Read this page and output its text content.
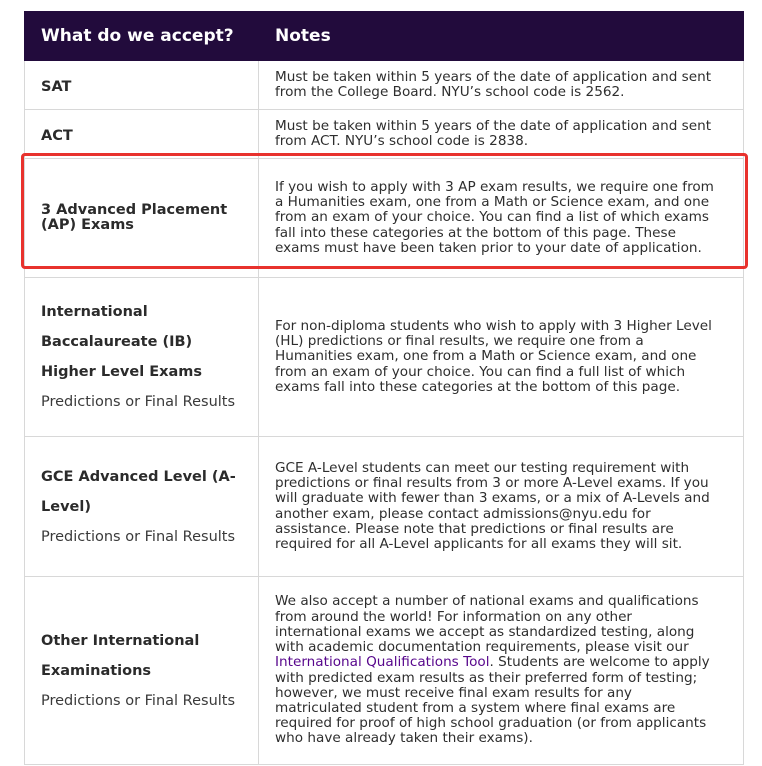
What do we accept?	Notes
SAT	Must be taken within 5 years of the date of application and sent from the College Board. NYU’s school code is 2562.

ACT	Must be taken within 5 years of the date of application and sent from ACT. NYU’s school code is 2838.

3 Advanced Placement (AP) Exams	If you wish to apply with 3 AP exam results, we require one from a Humanities exam, one from a Math or Science exam, and one from an exam of your choice. You can find a list of which exams fall into these categories at the bottom of this page. These exams must have been taken prior to your date of application.

International Baccalaureate (IB) Higher Level Exams
Predictions or Final Results	For non-diploma students who wish to apply with 3 Higher Level (HL) predictions or final results, we require one from a Humanities exam, one from a Math or Science exam, and one from an exam of your choice. You can find a full list of which exams fall into these categories at the bottom of this page.

GCE Advanced Level (A-Level)
Predictions or Final Results	GCE A-Level students can meet our testing requirement with predictions or final results from 3 or more A-Level exams. If you will graduate with fewer than 3 exams, or a mix of A-Levels and another exam, please contact admissions@nyu.edu for assistance. Please note that predictions or final results are required for all A-Level applicants for all exams they will sit.

Other International Examinations
Predictions or Final Results	We also accept a number of national exams and qualifications from around the world! For information on any other international exams we accept as standardized testing, along with academic documentation requirements, please visit our International Qualifications Tool. Students are welcome to apply with predicted exam results as their preferred form of testing; however, we must receive final exam results for any matriculated student from a system where final exams are required for proof of high school graduation (or from applicants who have already taken their exams).
